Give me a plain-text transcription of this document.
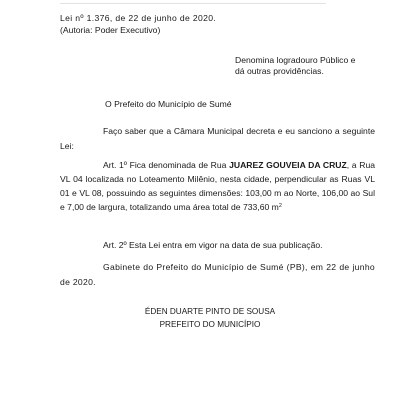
Lei nº 1.376, de 22 de junho de 2020.
(Autoria: Poder Executivo)
Denomina logradouro Público e
dá outras providências.
O Prefeito do Município de Sumé
Faço saber que a Câmara Municipal decreta e eu sanciono a seguinte Lei:
Art. 1º Fica denominada de Rua JUAREZ GOUVEIA DA CRUZ, a Rua VL 04 localizada no Loteamento Milênio, nesta cidade, perpendicular as Ruas VL 01 e VL 08, possuindo as seguintes dimensões: 103,00 m ao Norte, 106,00 ao Sul e 7,00 de largura, totalizando uma área total de 733,60 $m^2$
Art. 2º Esta Lei entra em vigor na data de sua publicação.
Gabinete do Prefeito do Município de Sumé (PB), em 22 de junho de 2020.
ÉDEN DUARTE PINTO DE SOUSA
PREFEITO DO MUNICÍPIO
